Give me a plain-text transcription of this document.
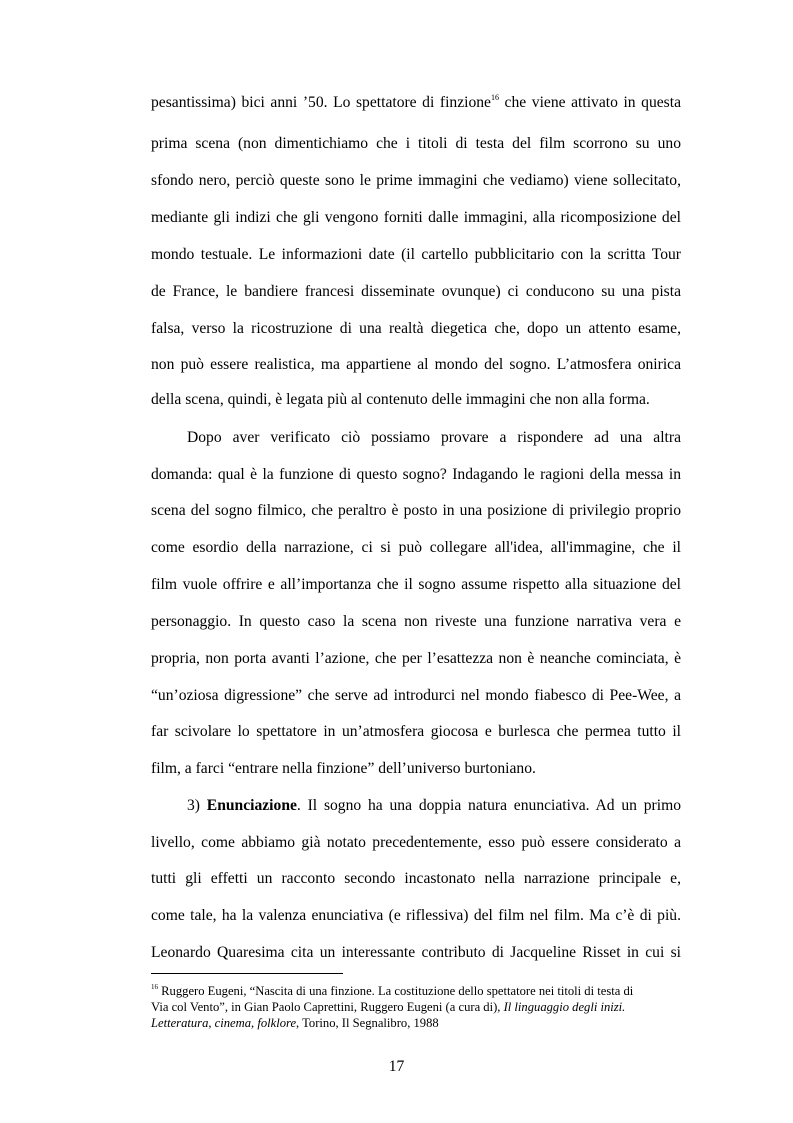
pesantissima) bici anni ’50. Lo spettatore di finzione$^{16}$ che viene attivato in questa
prima scena (non dimentichiamo che i titoli di testa del film scorrono su uno
sfondo nero, perciò queste sono le prime immagini che vediamo) viene sollecitato,
mediante gli indizi che gli vengono forniti dalle immagini, alla ricomposizione del
mondo testuale. Le informazioni date (il cartello pubblicitario con la scritta Tour
de France, le bandiere francesi disseminate ovunque) ci conducono su una pista
falsa, verso la ricostruzione di una realtà diegetica che, dopo un attento esame,
non può essere realistica, ma appartiene al mondo del sogno. L’atmosfera onirica
della scena, quindi, è legata più al contenuto delle immagini che non alla forma.
Dopo aver verificato ciò possiamo provare a rispondere ad una altra
domanda: qual è la funzione di questo sogno? Indagando le ragioni della messa in
scena del sogno filmico, che peraltro è posto in una posizione di privilegio proprio
come esordio della narrazione, ci si può collegare all'idea, all'immagine, che il
film vuole offrire e all’importanza che il sogno assume rispetto alla situazione del
personaggio. In questo caso la scena non riveste una funzione narrativa vera e
propria, non porta avanti l’azione, che per l’esattezza non è neanche cominciata, è
“un’oziosa digressione” che serve ad introdurci nel mondo fiabesco di Pee-Wee, a
far scivolare lo spettatore in un’atmosfera giocosa e burlesca che permea tutto il
film, a farci “entrare nella finzione” dell’universo burtoniano.
3) Enunciazione. Il sogno ha una doppia natura enunciativa. Ad un primo
livello, come abbiamo già notato precedentemente, esso può essere considerato a
tutti gli effetti un racconto secondo incastonato nella narrazione principale e,
come tale, ha la valenza enunciativa (e riflessiva) del film nel film. Ma c’è di più.
Leonardo Quaresima cita un interessante contributo di Jacqueline Risset in cui si
$^{16}$ Ruggero Eugeni, “Nascita di una finzione. La costituzione dello spettatore nei titoli di testa di
Via col Vento”, in Gian Paolo Caprettini, Ruggero Eugeni (a cura di), Il linguaggio degli inizi.
Letteratura, cinema, folklore, Torino, Il Segnalibro, 1988
17
